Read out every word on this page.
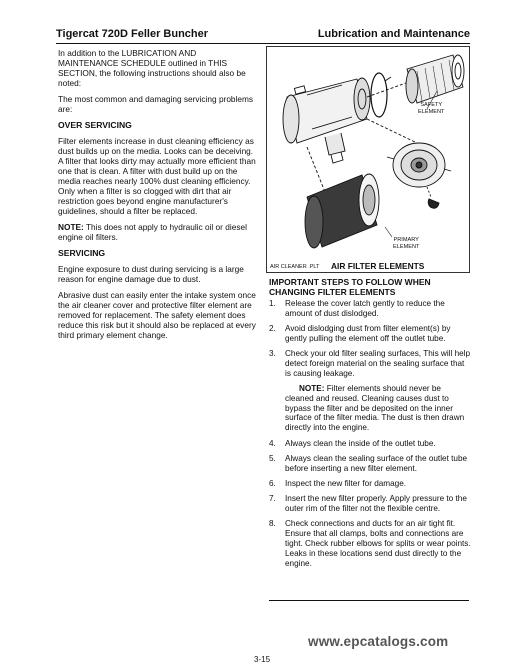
Tigercat 720D Feller Buncher	Lubrication and Maintenance

In addition to the LUBRICATION AND MAINTENANCE SCHEDULE outlined in THIS SECTION, the following instructions should also be noted:

The most common and damaging servicing problems are:

OVER SERVICING

Filter elements increase in dust cleaning efficiency as dust builds up on the media. Looks can be deceiving. A filter that looks dirty may actually more efficient than one that is clean. A filter with dust build up on the media reaches nearly 100% dust cleaning efficiency. Only when a filter is so clogged with dirt that air restriction goes beyond engine manufacturer's guidelines, should a filter be replaced.

NOTE: This does not apply to hydraulic oil or diesel engine oil filters.

SERVICING

Engine exposure to dust during servicing is a large reason for engine damage due to dust.

Abrasive dust can easily enter the intake system once the air cleaner cover and protective filter element are removed for replacement. The safety element does reduce this risk but it should also be replaced at every third primary element change.

SAFETY
ELEMENT
PRIMARY
ELEMENT
AIR CLEANER .PLT AIR FILTER ELEMENTS
IMPORTANT STEPS TO FOLLOW WHEN CHANGING FILTER ELEMENTS
1.	Release the cover latch gently to reduce the amount of dust dislodged.
2.	Avoid dislodging dust from filter element(s) by gently pulling the element off the outlet tube.
3.	Check your old filter sealing surfaces, This will help detect foreign material on the sealing surface that is causing leakage.
NOTE: Filter elements should never be cleaned and reused. Cleaning causes dust to bypass the filter and be deposited on the inner surface of the filter media. The dust is then drawn directly into the engine.
4.	Always clean the inside of the outlet tube.
5.	Always clean the sealing surface of the outlet tube before inserting a new filter element.
6.	Inspect the new filter for damage.
7.	Insert the new filter properly. Apply pressure to the outer rim of the filter not the flexible centre.
8.	Check connections and ducts for an air tight fit. Ensure that all clamps, bolts and connections are tight. Check rubber elbows for splits or wear points. Leaks in these locations send dust directly to the engine.
www.epcatalogs.com
3-15
